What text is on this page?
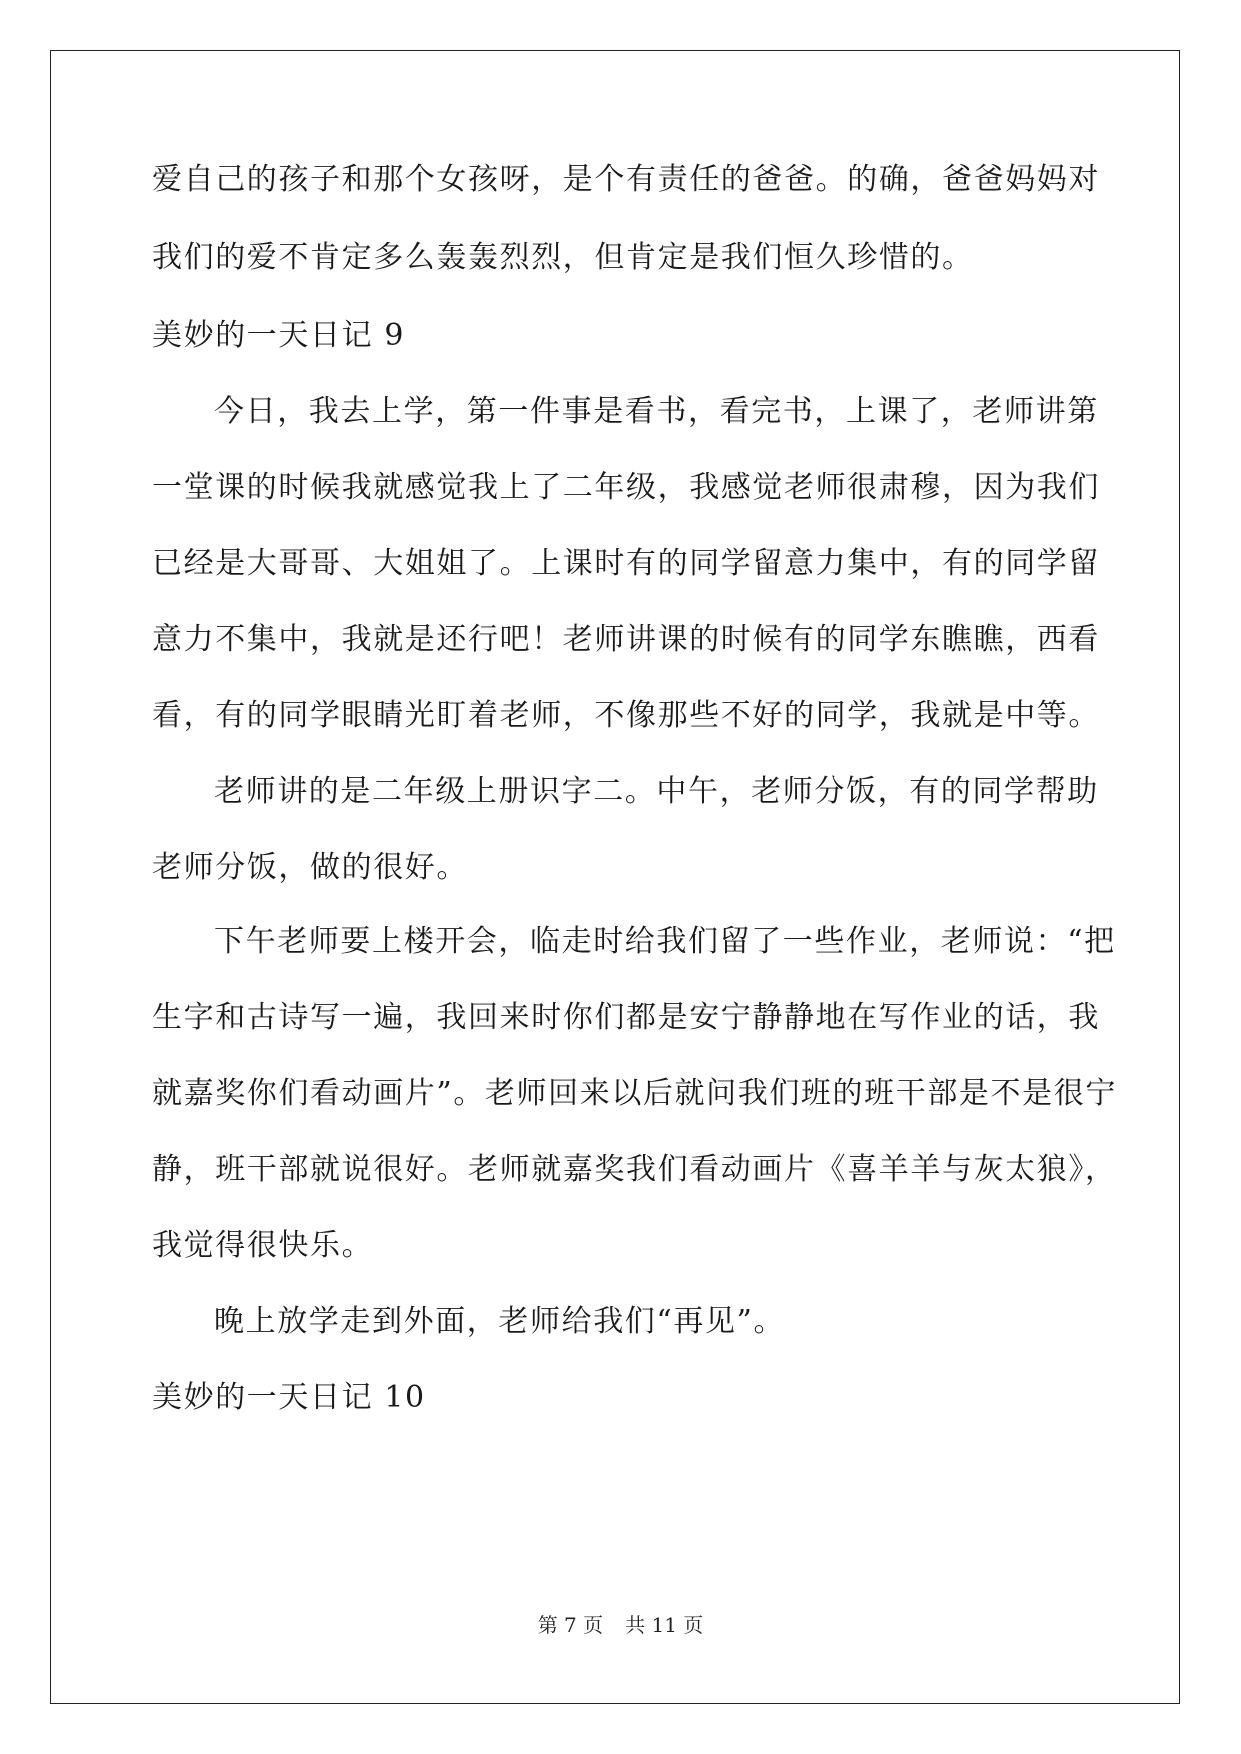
爱自己的孩子和那个女孩呀，是个有责任的爸爸。的确，爸爸妈妈对
我们的爱不肯定多么轰轰烈烈，但肯定是我们恒久珍惜的。
美妙的一天日记 9
今日，我去上学，第一件事是看书，看完书，上课了，老师讲第
一堂课的时候我就感觉我上了二年级，我感觉老师很肃穆，因为我们
已经是大哥哥、大姐姐了。上课时有的同学留意力集中，有的同学留
意力不集中，我就是还行吧！老师讲课的时候有的同学东瞧瞧，西看
看，有的同学眼睛光盯着老师，不像那些不好的同学，我就是中等。
老师讲的是二年级上册识字二。中午，老师分饭，有的同学帮助
老师分饭，做的很好。
下午老师要上楼开会，临走时给我们留了一些作业，老师说：“把
生字和古诗写一遍，我回来时你们都是安宁静静地在写作业的话，我
就嘉奖你们看动画片”。老师回来以后就问我们班的班干部是不是很宁
静，班干部就说很好。老师就嘉奖我们看动画片《喜羊羊与灰太狼》，
我觉得很快乐。
晚上放学走到外面，老师给我们“再见”。
美妙的一天日记 10
第 7 页 共 11 页
